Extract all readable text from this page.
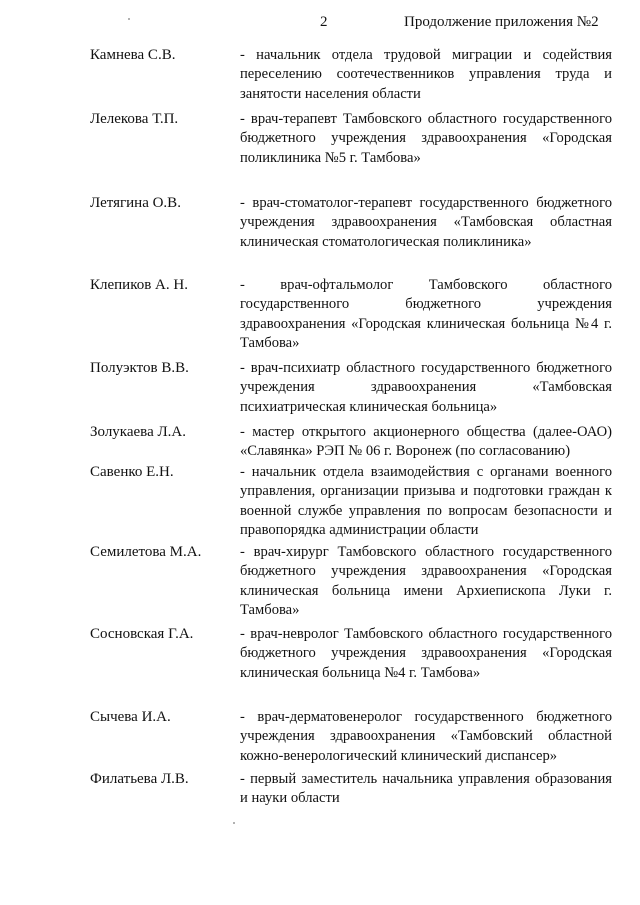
2	Продолжение приложения №2
Камнева С.В.	- начальник отдела трудовой миграции и содействия переселению соотечественников управления труда и занятости населения области
Лелекова Т.П.	- врач-терапевт Тамбовского областного государственного бюджетного учреждения здравоохранения «Городская поликлиника №5 г. Тамбова»
Летягина О.В.	- врач-стоматолог-терапевт государственного бюджетного учреждения здравоохранения «Тамбовская областная клиническая стоматологическая поликлиника»
Клепиков А. Н.	- врач-офтальмолог Тамбовского областного государственного бюджетного учреждения здравоохранения «Городская клиническая больница №4 г. Тамбова»
Полуэктов В.В.	- врач-психиатр областного государственного бюджетного учреждения здравоохранения «Тамбовская психиатрическая клиническая больница»
Золукаева Л.А.	- мастер открытого акционерного общества (далее-ОАО) «Славянка» РЭП № 06 г. Воронеж (по согласованию)
Савенко Е.Н.	- начальник отдела взаимодействия с органами военного управления, организации призыва и подготовки граждан к военной службе управления по вопросам безопасности и правопорядка администрации области
Семилетова М.А.	- врач-хирург Тамбовского областного государственного бюджетного учреждения здравоохранения «Городская клиническая больница имени Архиепископа Луки г. Тамбова»
Сосновская Г.А.	- врач-невролог Тамбовского областного государственного бюджетного учреждения здравоохранения «Городская клиническая больница №4 г. Тамбова»
Сычева И.А.	- врач-дерматовенеролог государственного бюджетного учреждения здравоохранения «Тамбовский областной кожно-венерологический клинический диспансер»
Филатьева Л.В.	- первый заместитель начальника управления образования и науки области
